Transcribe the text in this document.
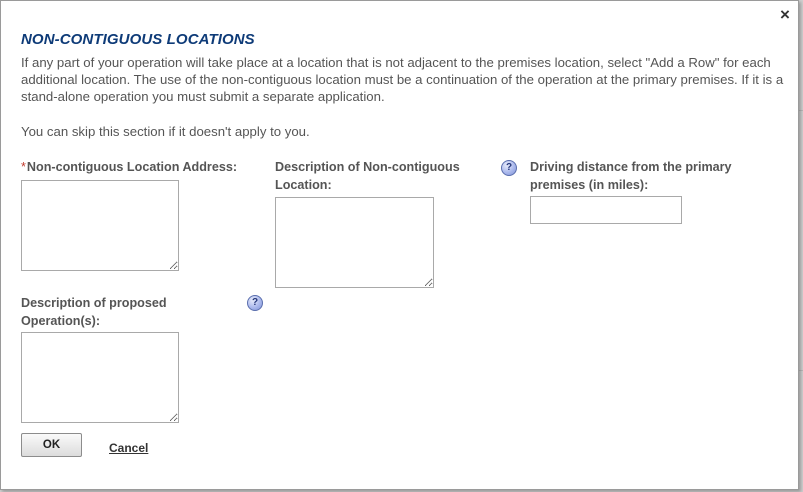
×
NON-CONTIGUOUS LOCATIONS
If any part of your operation will take place at a location that is not adjacent to the premises location, select "Add a Row" for each additional location. The use of the non-contiguous location must be a continuation of the operation at the primary premises. If it is a stand-alone operation you must submit a separate application.
You can skip this section if it doesn't apply to you.
*Non-contiguous Location Address:	Description of Non-contiguous Location:
?	Driving distance from the primary premises (in miles):
Description of proposed Operation(s):
?
OK	Cancel
